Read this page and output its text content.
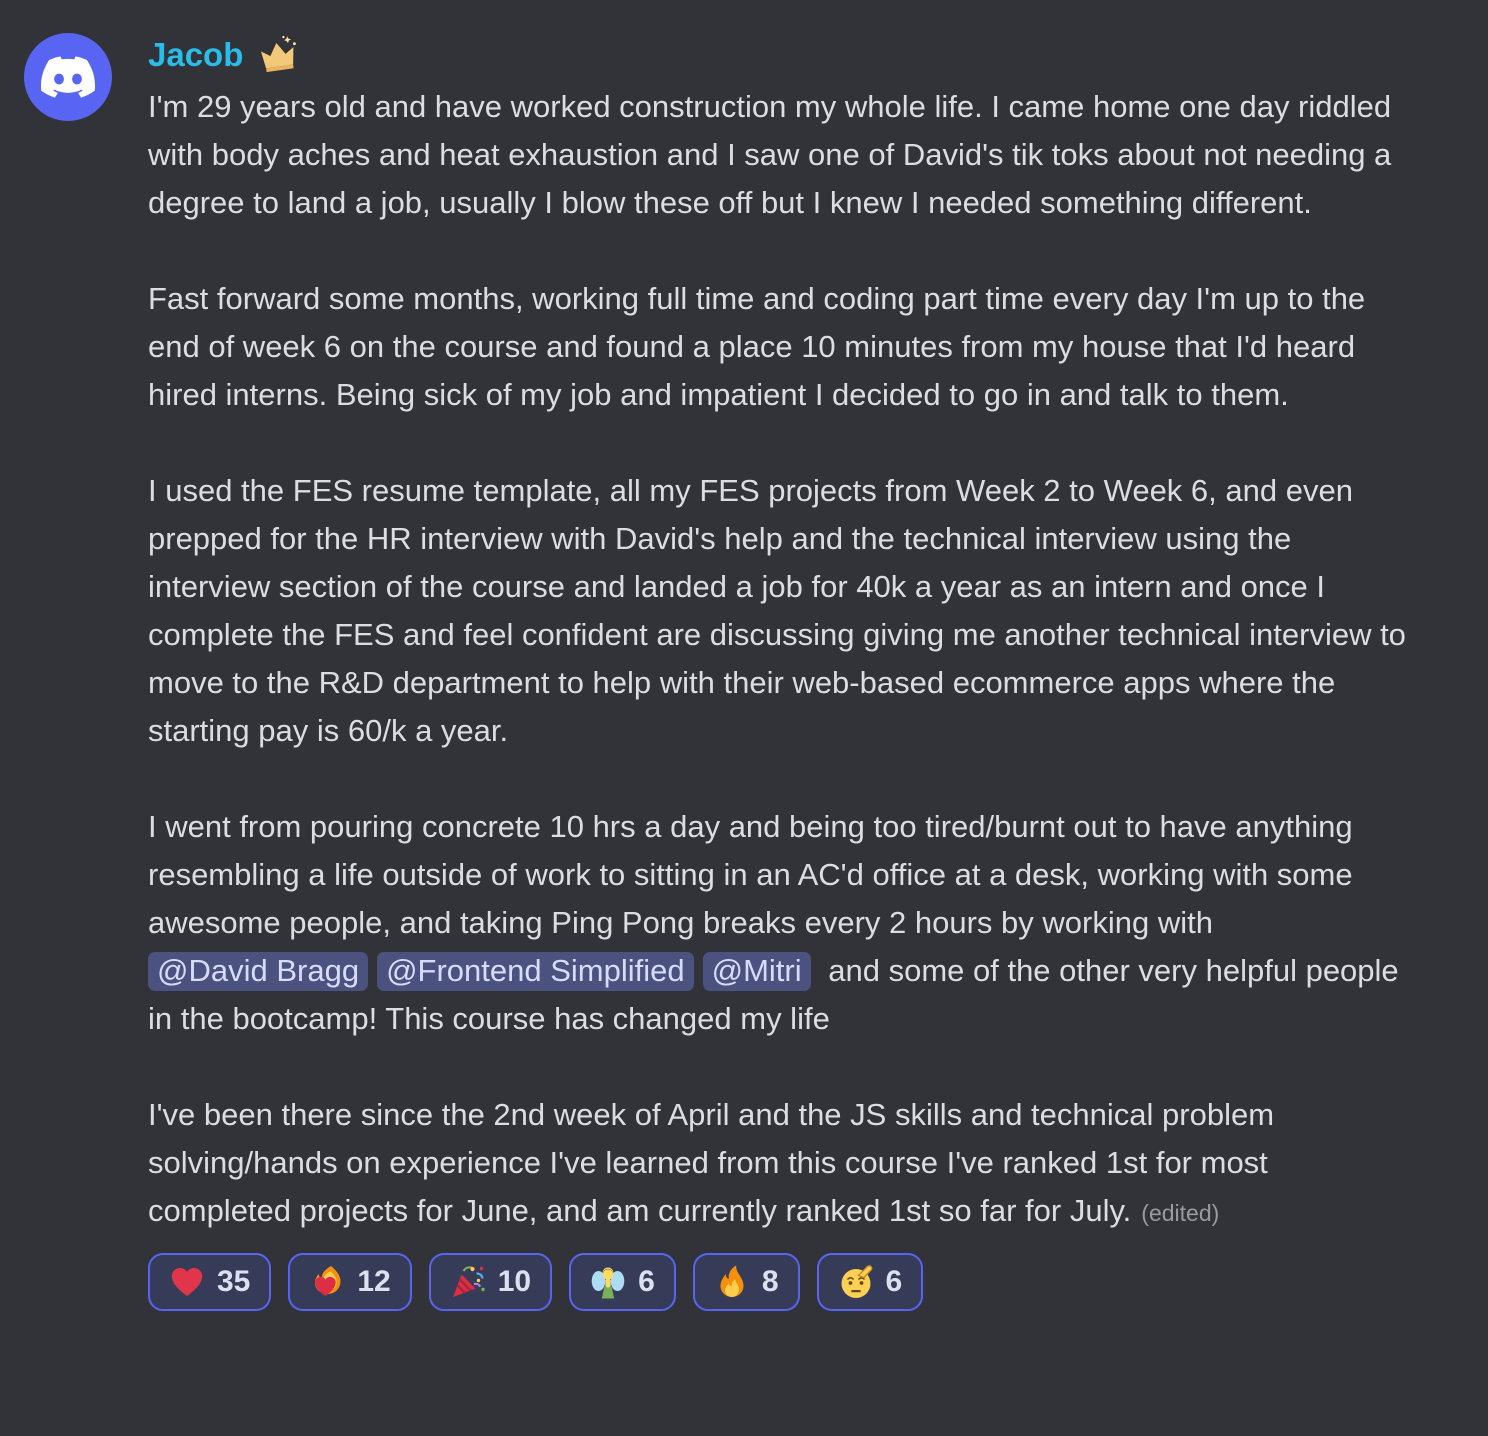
Jacob

I'm 29 years old and have worked construction my whole life. I came home one day riddled with body aches and heat exhaustion and I saw one of David's tik toks about not needing a degree to land a job, usually I blow these off but I knew I needed something different.

Fast forward some months, working full time and coding part time every day I'm up to the end of week 6 on the course and found a place 10 minutes from my house that I'd heard hired interns. Being sick of my job and impatient I decided to go in and talk to them.

I used the FES resume template, all my FES projects from Week 2 to Week 6, and even prepped for the HR interview with David's help and the technical interview using the interview section of the course and landed a job for 40k a year as an intern and once I complete the FES and feel confident are discussing giving me another technical interview to move to the R&D department to help with their web-based ecommerce apps where the starting pay is 60/k a year.

I went from pouring concrete 10 hrs a day and being too tired/burnt out to have anything resembling a life outside of work to sitting in an AC'd office at a desk, working with some awesome people, and taking Ping Pong breaks every 2 hours by working with @David Bragg @Frontend Simplified @Mitri and some of the other very helpful people in the bootcamp! This course has changed my life

I've been there since the 2nd week of April and the JS skills and technical problem solving/hands on experience I've learned from this course I've ranked 1st for most completed projects for June, and am currently ranked 1st so far for July. (edited)

35	12	10	6	8	6
